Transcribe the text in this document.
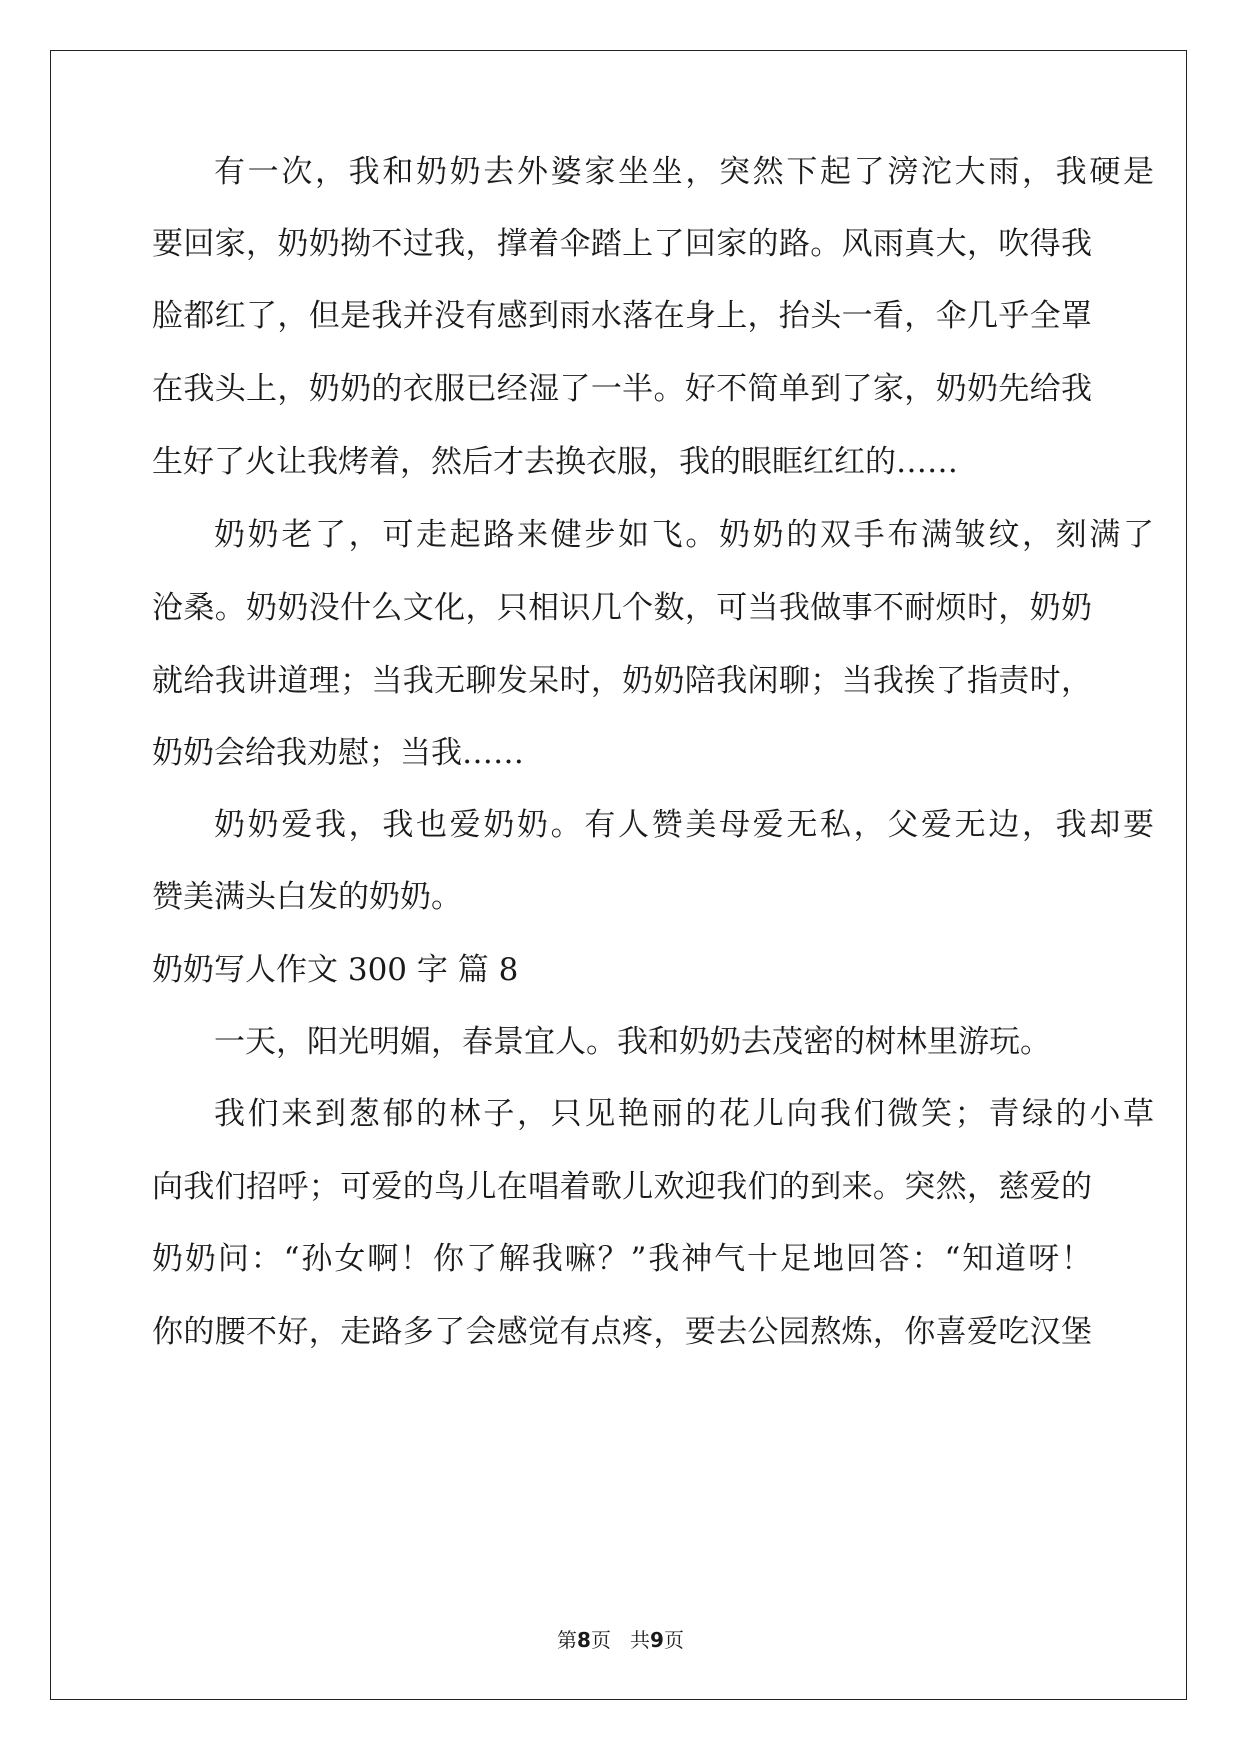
有一次，我和奶奶去外婆家坐坐，突然下起了滂沱大雨，我硬是
要回家，奶奶拗不过我，撑着伞踏上了回家的路。风雨真大，吹得我
脸都红了，但是我并没有感到雨水落在身上，抬头一看，伞几乎全罩
在我头上，奶奶的衣服已经湿了一半。好不简单到了家，奶奶先给我
生好了火让我烤着，然后才去换衣服，我的眼眶红红的……
奶奶老了，可走起路来健步如飞。奶奶的双手布满皱纹，刻满了
沧桑。奶奶没什么文化，只相识几个数，可当我做事不耐烦时，奶奶
就给我讲道理；当我无聊发呆时，奶奶陪我闲聊；当我挨了指责时，
奶奶会给我劝慰；当我……
奶奶爱我，我也爱奶奶。有人赞美母爱无私，父爱无边，我却要
赞美满头白发的奶奶。
奶奶写人作文 300 字 篇 8
一天，阳光明媚，春景宜人。我和奶奶去茂密的树林里游玩。
我们来到葱郁的林子，只见艳丽的花儿向我们微笑；青绿的小草
向我们招呼；可爱的鸟儿在唱着歌儿欢迎我们的到来。突然，慈爱的
奶奶问：“孙女啊！你了解我嘛？”我神气十足地回答：“知道呀！
你的腰不好，走路多了会感觉有点疼，要去公园熬炼，你喜爱吃汉堡
第8页   共9页
